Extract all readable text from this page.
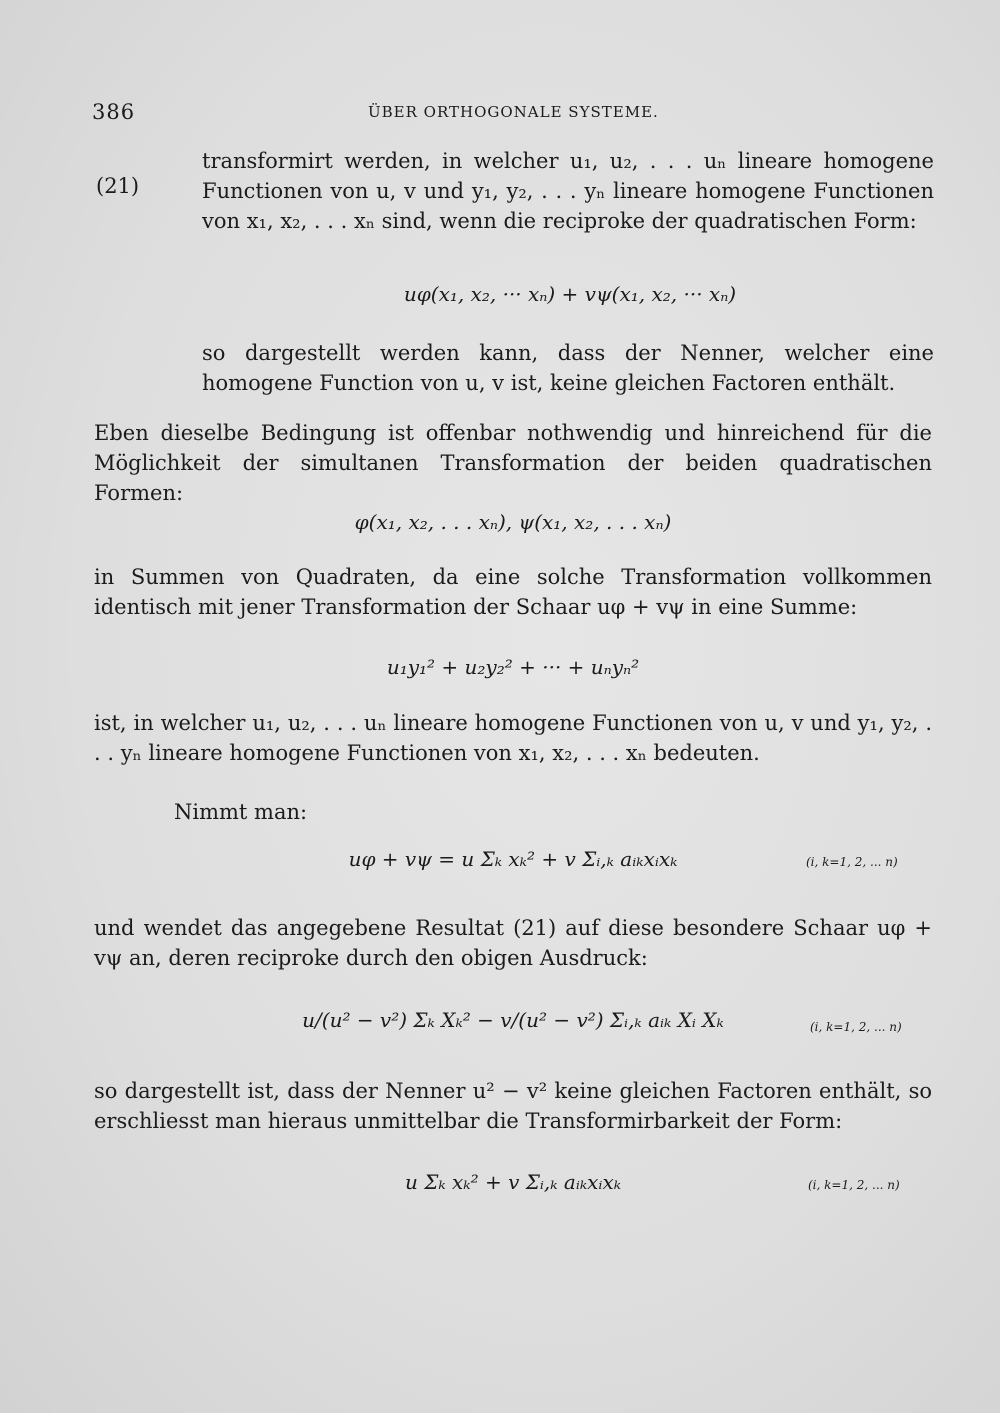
386	ÜBER ORTHOGONALE SYSTEME.
(21)
transformirt werden, in welcher u₁, u₂, . . . uₙ lineare homogene Functionen von u, v und y₁, y₂, . . . yₙ lineare homogene Functionen von x₁, x₂, . . . xₙ sind, wenn die reciproke der quadratischen Form:
uφ(x₁, x₂, ··· xₙ) + vψ(x₁, x₂, ··· xₙ)
so dargestellt werden kann, dass der Nenner, welcher eine homogene Function von u, v ist, keine gleichen Factoren enthält.
Eben dieselbe Bedingung ist offenbar nothwendig und hinreichend für die Möglichkeit der simultanen Transformation der beiden quadratischen Formen:
φ(x₁, x₂, . . . xₙ), ψ(x₁, x₂, . . . xₙ)
in Summen von Quadraten, da eine solche Transformation vollkommen identisch mit jener Transformation der Schaar uφ + vψ in eine Summe:
u₁y₁² + u₂y₂² + ··· + uₙyₙ²
ist, in welcher u₁, u₂, . . . uₙ lineare homogene Functionen von u, v und y₁, y₂, . . . yₙ lineare homogene Functionen von x₁, x₂, . . . xₙ bedeuten.
Nimmt man:
uφ + vψ = u Σₖ xₖ² + v Σᵢ,ₖ aᵢₖxᵢxₖ	(i, k=1, 2, ... n)
und wendet das angegebene Resultat (21) auf diese besondere Schaar uφ + vψ an, deren reciproke durch den obigen Ausdruck:
u/(u² − v²) Σₖ Xₖ² − v/(u² − v²) Σᵢ,ₖ aᵢₖ Xᵢ Xₖ	(i, k=1, 2, ... n)
so dargestellt ist, dass der Nenner u² − v² keine gleichen Factoren enthält, so erschliesst man hieraus unmittelbar die Transformirbarkeit der Form:
u Σₖ xₖ² + v Σᵢ,ₖ aᵢₖxᵢxₖ	(i, k=1, 2, ... n)
